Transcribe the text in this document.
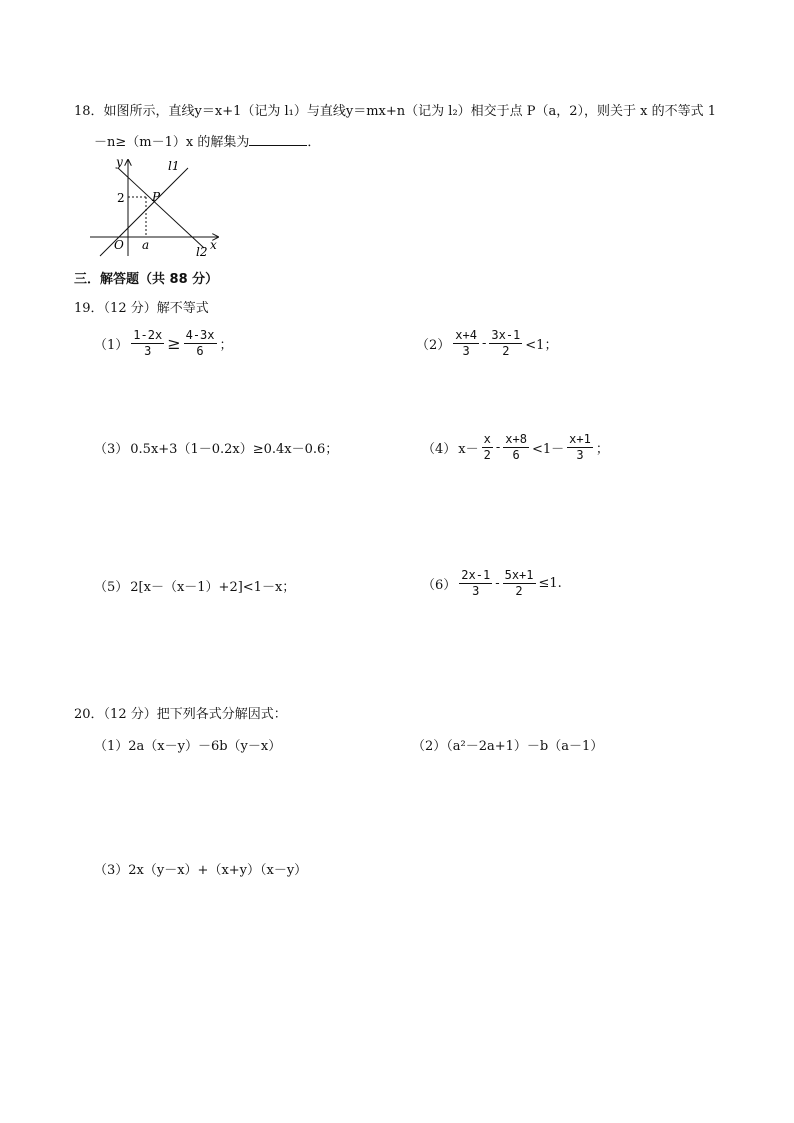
18．如图所示，直线y＝x+1（记为 l₁）与直线y＝mx+n（记为 l₂）相交于点 P（a，2），则关于 x 的不等式 1
－n≥（m－1）x 的解集为	．
y
x
O a
2 P
l1
l2
三．解答题（共 88 分）
19．（12 分）解不等式
$(1) \frac{1-2x}{3} \ge \frac{4-3x}{6}$ ；	$(2) \frac{x+4}{3} - \frac{3x-1}{2} <1$；
（3） 0.5x+3（1－0.2x）≥0.4x－0.6；	（4） $x- \frac{x}{2} - \frac{x+8}{6} <1- \frac{x+1}{3}$ ；
（5） 2[x－（x－1）+2]<1－x；	$(6) \frac{2x-1}{3} - \frac{5x+1}{2} \le 1$.
20．（12 分）把下列各式分解因式：
（1）2a（x－y）－6b（y－x）	（2）（a²－2a+1）－b（a－1）
（3）2x（y－x）+（x+y）（x－y）
